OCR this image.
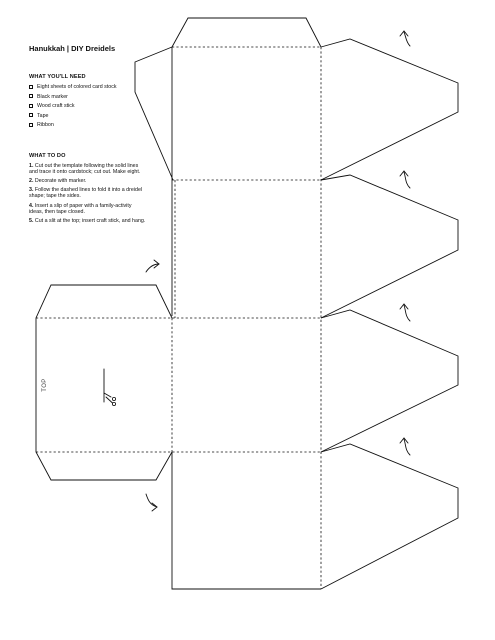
Hanukkah | DIY Dreidels
WHAT YOU'LL NEED
Eight sheets of colored card stock
Black marker
Wood craft stick
Tape
Ribbon
WHAT TO DO
1. Cut out the template following the solid lines and trace it onto cardstock; cut out. Make eight.
2. Decorate with marker.
3. Follow the dashed lines to fold it into a dreidel shape; tape the sides.
4. Insert a slip of paper with a family-activity ideas, then tape closed.
5. Cut a slit at the top; insert craft stick, and hang.
TOP
